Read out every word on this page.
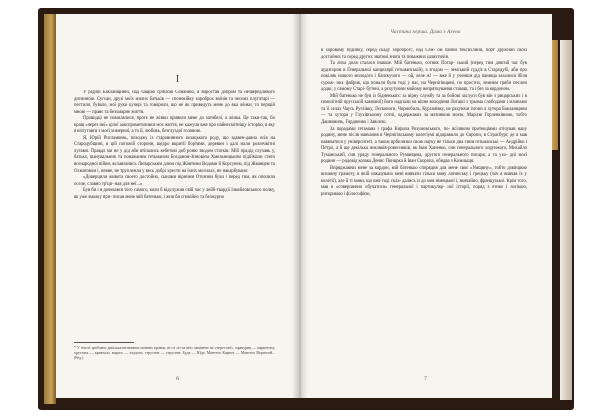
I

У рідній Бакланщинні, над чащою сріблою Сєманню, я виростав добром та незвередливого дитинною. Сугєан, друзі моїх милих батьків — спонокійку хороброх воїнів та чесних плугатарі — пестили, бувало, мої руки кучері та говорили, що не як приведуть мене до яка жінки, то першій мною — правє та безхмарне життя.

Провидці не помилялися, проте не жінки привели мене до загибелі, а жінка. Це таки-так, бо кращ «через неї» цілої аакспрометизився моє життя, не кажучи вже про найнесмітніщу історію, в яку я вплутався з моєї химерної, а то й, любовь, безглуздої головою.

Я, Юрій Рисламкевь, походжу із старовинного козацького роду, що здавен-давна осів на Стародубщині, в цій погожій сторонн, щедро вкритії бортями, деревин і далі мали розлечвітні лугами. Правдл ми не у дід аби втіпались кебетові доб роню зводом статків. Мій прадід слухавь у, батька, шанувальник та поважаним гетьманом Богданом-Зиновієм Хмельницьким підіймали стяги всенародної війни, вславлялись Липарським длюн під Жовтими Водами й Корсунем, під Жванцем та Охматовом і, певне, не трупленли у весь добрі хрести на їхніх могилах, не накарбувано:

«Доверцили живота своего достойно, сынами вірними Отчизни були і перед тим, як опочили оселе, славно тр'ци- ная для неї...»

Був би і я дочекався того самого, коли б відслужив свій час у лейб-гвардії Ізмайловського полку, як уже змалку при- писав мене мій батенько, і жив би спокійно та безжурно

* У тексті зроблено декілька незначних мовних правок, ні от «із-за неї» замінено на «через неї», мракуриц — маркетону, хрустать — кравтало, ворого — злодоги, струсене — струсене. Буда — Юда. Монтего Карнот — Монтего Воргисей... (Ред.)
6
Частина перша. Дама з Ахена

в хоровому будинку, серед скаду хороброгс, над Сєм- ом панни тексихлини, порт дружнин своєї достойноі та серед других зватниі знати та поважних шляхтичів.

Та лиха доля сталася інакше. Мій батенько, сотник Погар- ський (перед тим довгий час був аудитором в Генеральної канцелярії гетьманській), а згодом — земський судд'я в Стародубі, аби про покілик нашого молодого і блискучого — ой, леле ж! — вже й у ученши дід панища захолися ібіля сурож- них фабрик, що понали були тоді у нас, на Чернігівщині, по простих, лемнкм грябн песлин додю; у самому Старі- бутені, а рєхутуючи мойому вепряткування ставаш, та і без за кордоном.

Мій батенько не був із бідненьких: за вірну службу та за бойові заслуги був він з рицарських і в семилітній прусській кампанії) його надпали на вічне володіння Лоташі з трьома слободами і млинами та її селах Чаусь Ругаївку, Лєсконоги, Чорнобиль, Курганівку, не рахуючи ізгоин а хутора Бакланщини — та хуторя у Глухівському сотні, оддержавих за матинкою моєю, Марією Горленківною, тобто Дашковичь, Гордиенко і Завілєю.

За порадами гетьмана і графа Кирила Розумовського, по- всіляким протекціями отічував наиу родину, мене після навчання в Чернігівському колегіумі відправили до Європи, в Страсбург, де я мав наввчатися у університеті, а також прбилизки свою науку не тільки дна сини гетьманські — Андрійко і Петро, а й ще декілька земляків-ровесників, як Іван Ханенко, син генерального хорунжого, Михайло Туманський, син уряду генерального Румянцева, другого генерального писаря, а та ухо- дні моєї родини — родовід козака Денис Понирка й Іван Скоропа, обидва з Козельщя.

Виряджаючи мене за кордон, мій батенько спорядив для мене своє «Умщину», тобто дзвінцюю виховну грамоту, в якій наказувано мені вивчати тільки мову латинську і грецьку (хоч я вивчав їх у колегії), але й ті мови, що вже тоді скла- дались із до мов німецької і, звичайно, французької. Крім того, мав я «совершенно обучатися» генеральної і партикуляр- ної історії, поряд з етико і логікою, риторикою і філософією,

7
